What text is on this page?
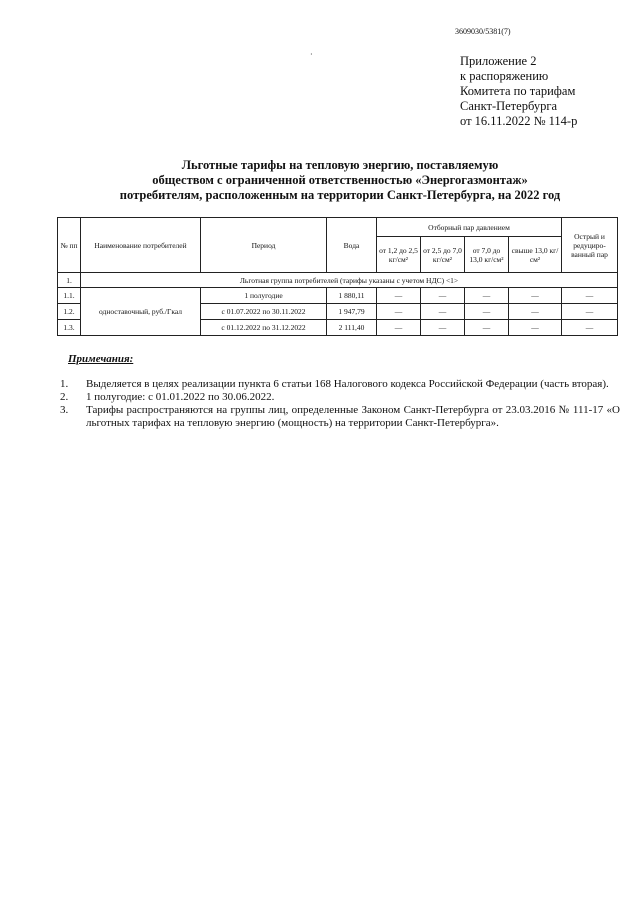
3609030/5381(7)
·	Приложение 2
к распоряжению
Комитета по тарифам
Санкт-Петербурга
от 16.11.2022 № 114-р
Льготные тарифы на тепловую энергию, поставляемую
обществом с ограниченной ответственностью «Энергогазмонтаж»
потребителям, расположенным на территории Санкт-Петербурга, на 2022 год
№ пп	Наименование потребителей	Период	Вода	Отборный пар давлением				Острый и редуциро-ванный пар
				от 1,2 до 2,5 кг/см²	от 2,5 до 7,0 кг/см²	от 7,0 до 13,0 кг/см²	свыше 13,0 кг/см²	
1.	Льготная группа потребителей (тарифы указаны с учетом НДС) <1>							
1.1.	одноставочный, руб./Гкал	1 полугодие	1 880,11	—	—	—	—	—
1.2.		с 01.07.2022 по 30.11.2022	1 947,79	—	—	—	—	—
1.3.		с 01.12.2022 по 31.12.2022	2 111,40	—	—	—	—	—
Примечания:
1.	Выделяется в целях реализации пункта 6 статьи 168 Налогового кодекса Российской Федерации (часть вторая).
2.	1 полугодие: с 01.01.2022 по 30.06.2022.
3.	Тарифы распространяются на группы лиц, определенные Законом Санкт-Петербурга от 23.03.2016 № 111-17 «О льготных тарифах на тепловую энергию (мощность) на территории Санкт-Петербурга».
